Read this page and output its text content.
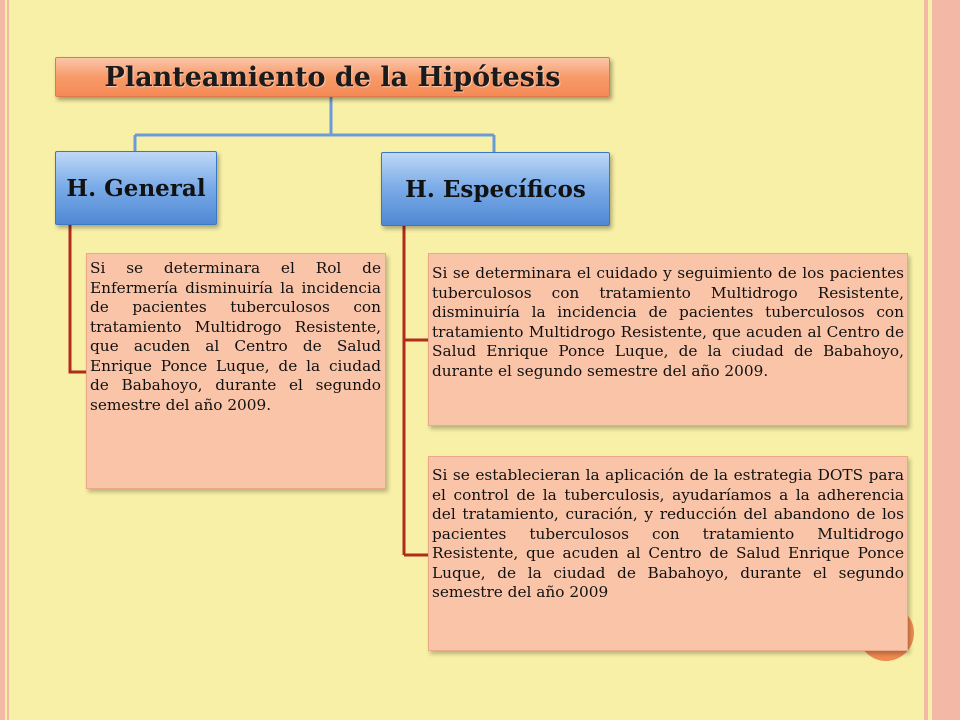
Planteamiento de la Hipótesis
H. General	H. Específicos
Si se determinara el Rol de Enfermería disminuiría la incidencia de pacientes tuberculosos con tratamiento Multidrogo Resistente, que acuden al Centro de Salud Enrique Ponce Luque, de la ciudad de Babahoyo, durante el segundo semestre del año 2009.
Si se determinara el cuidado y seguimiento de los pacientes tuberculosos con tratamiento Multidrogo Resistente, disminuiría la incidencia de pacientes tuberculosos con tratamiento Multidrogo Resistente, que acuden al Centro de Salud Enrique Ponce Luque, de la ciudad de Babahoyo, durante el segundo semestre del año 2009.
Si se establecieran la aplicación de la estrategia DOTS para el control de la tuberculosis, ayudaríamos a la adherencia del tratamiento, curación, y reducción del abandono de los pacientes tuberculosos con tratamiento Multidrogo Resistente, que acuden al Centro de Salud Enrique Ponce Luque, de la ciudad de Babahoyo, durante el segundo semestre del año 2009
